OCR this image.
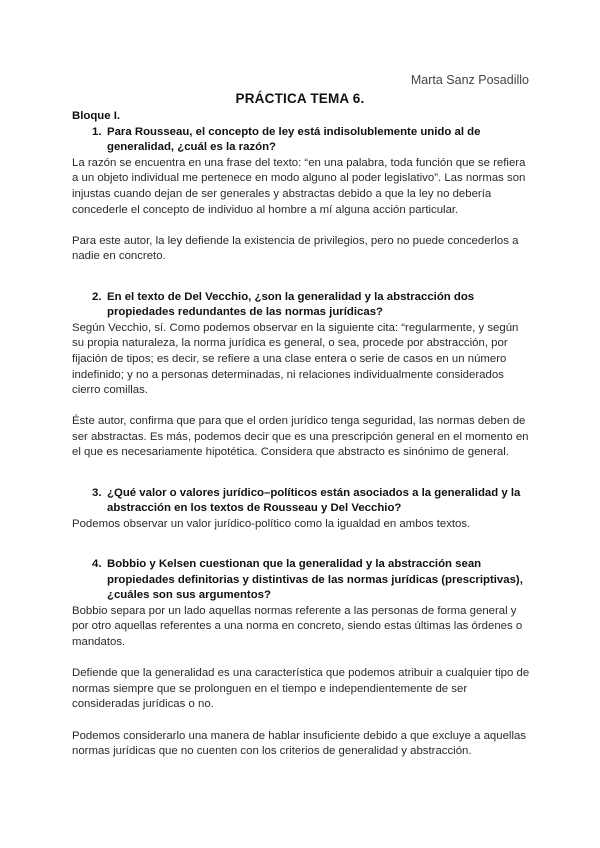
Marta Sanz Posadillo
PRÁCTICA TEMA 6.

Bloque I.

1. Para Rousseau, el concepto de ley está indisolublemente unido al de generalidad, ¿cuál es la razón?

La razón se encuentra en una frase del texto: “en una palabra, toda función que se refiera a un objeto individual me pertenece en modo alguno al poder legislativo”. Las normas son injustas cuando dejan de ser generales y abstractas debido a que la ley no debería concederle el concepto de individuo al hombre a mí alguna acción particular.

Para este autor, la ley defiende la existencia de privilegios, pero no puede concederlos a nadie en concreto.

2. En el texto de Del Vecchio, ¿son la generalidad y la abstracción dos propiedades redundantes de las normas jurídicas?

Según Vecchio, sí. Como podemos observar en la siguiente cita: “regularmente, y según su propia naturaleza, la norma jurídica es general, o sea, procede por abstracción, por fijación de tipos; es decir, se refiere a una clase entera o serie de casos en un número indefinido; y no a personas determinadas, ni relaciones individualmente considerados cierro comillas.

Éste autor, confirma que para que el orden jurídico tenga seguridad, las normas deben de ser abstractas. Es más, podemos decir que es una prescripción general en el momento en el que es necesariamente hipotética. Considera que abstracto es sinónimo de general.

3. ¿Qué valor o valores jurídico–políticos están asociados a la generalidad y la abstracción en los textos de Rousseau y Del Vecchio?

Podemos observar un valor jurídico-político como la igualdad en ambos textos.

4. Bobbio y Kelsen cuestionan que la generalidad y la abstracción sean propiedades definitorias y distintivas de las normas jurídicas (prescriptivas), ¿cuáles son sus argumentos?

Bobbio separa por un lado aquellas normas referente a las personas de forma general y por otro aquellas referentes a una norma en concreto, siendo estas últimas las órdenes o mandatos.

Defiende que la generalidad es una característica que podemos atribuir a cualquier tipo de normas siempre que se prolonguen en el tiempo e independientemente de ser consideradas jurídicas o no.

Podemos considerarlo una manera de hablar insuficiente debido a que excluye a aquellas normas jurídicas que no cuenten con los criterios de generalidad y abstracción.
